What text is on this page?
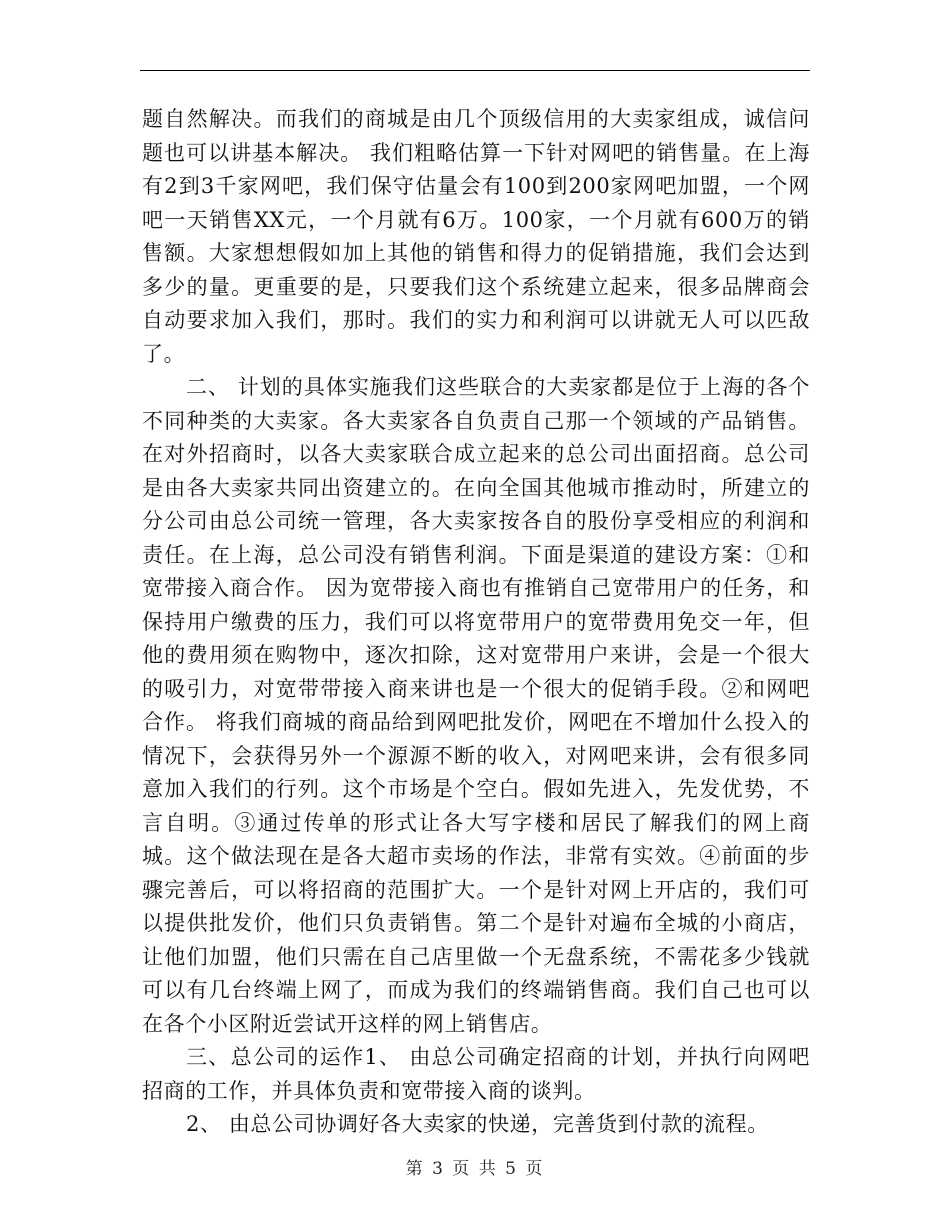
题自然解决。而我们的商城是由几个顶级信用的大卖家组成，诚信问题也可以讲基本解决。 我们粗略估算一下针对网吧的销售量。在上海有2到3千家网吧，我们保守估量会有100到200家网吧加盟，一个网吧一天销售XX元，一个月就有6万。100家，一个月就有600万的销售额。大家想想假如加上其他的销售和得力的促销措施，我们会达到多少的量。更重要的是，只要我们这个系统建立起来，很多品牌商会自动要求加入我们，那时。我们的实力和利润可以讲就无人可以匹敌了。

二、 计划的具体实施我们这些联合的大卖家都是位于上海的各个不同种类的大卖家。各大卖家各自负责自己那一个领域的产品销售。在对外招商时，以各大卖家联合成立起来的总公司出面招商。总公司是由各大卖家共同出资建立的。在向全国其他城市推动时，所建立的分公司由总公司统一管理，各大卖家按各自的股份享受相应的利润和责任。在上海，总公司没有销售利润。下面是渠道的建设方案：①和宽带接入商合作。 因为宽带接入商也有推销自己宽带用户的任务，和保持用户缴费的压力，我们可以将宽带用户的宽带费用免交一年，但他的费用须在购物中，逐次扣除，这对宽带用户来讲，会是一个很大的吸引力，对宽带带接入商来讲也是一个很大的促销手段。②和网吧合作。 将我们商城的商品给到网吧批发价，网吧在不增加什么投入的情况下，会获得另外一个源源不断的收入，对网吧来讲，会有很多同意加入我们的行列。这个市场是个空白。假如先进入，先发优势，不言自明。③通过传单的形式让各大写字楼和居民了解我们的网上商城。这个做法现在是各大超市卖场的作法，非常有实效。④前面的步骤完善后，可以将招商的范围扩大。一个是针对网上开店的，我们可以提供批发价，他们只负责销售。第二个是针对遍布全城的小商店，让他们加盟，他们只需在自己店里做一个无盘系统，不需花多少钱就可以有几台终端上网了，而成为我们的终端销售商。我们自己也可以在各个小区附近尝试开这样的网上销售店。

三、总公司的运作1、 由总公司确定招商的计划，并执行向网吧招商的工作，并具体负责和宽带接入商的谈判。

2、 由总公司协调好各大卖家的快递，完善货到付款的流程。

第 3 页 共 5 页
